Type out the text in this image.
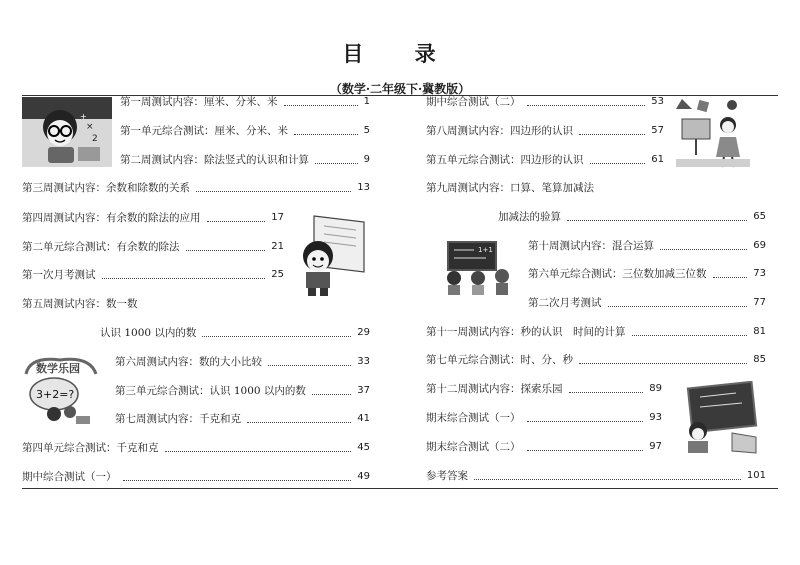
目 录
（数学·二年级下·冀教版）
第一周测试内容：厘米、分米、米	1
第一单元综合测试：厘米、分米、米	5
第二周测试内容：除法竖式的认识和计算	9
第三周测试内容：余数和除数的关系	13
第四周测试内容：有余数的除法的应用	17
第二单元综合测试：有余数的除法	21
第一次月考测试	25
第五周测试内容：数一数
认识 1000 以内的数	29
第六周测试内容：数的大小比较	33
第三单元综合测试：认识 1000 以内的数	37
第七周测试内容：千克和克	41
第四单元综合测试：千克和克	45
期中综合测试（一）	49
期中综合测试（二）	53
第八周测试内容：四边形的认识	57
第五单元综合测试：四边形的认识	61
第九周测试内容：口算、笔算加减法
加减法的验算	65
第十周测试内容：混合运算	69
第六单元综合测试：三位数加减三位数	73
第二次月考测试	77
第十一周测试内容：秒的认识　时间的计算	81
第七单元综合测试：时、分、秒	85
第十二周测试内容：探索乐园	89
期末综合测试（一）	93
期末综合测试（二）	97
参考答案	101
+
×
2
数学乐园
3+2=?
1+1
